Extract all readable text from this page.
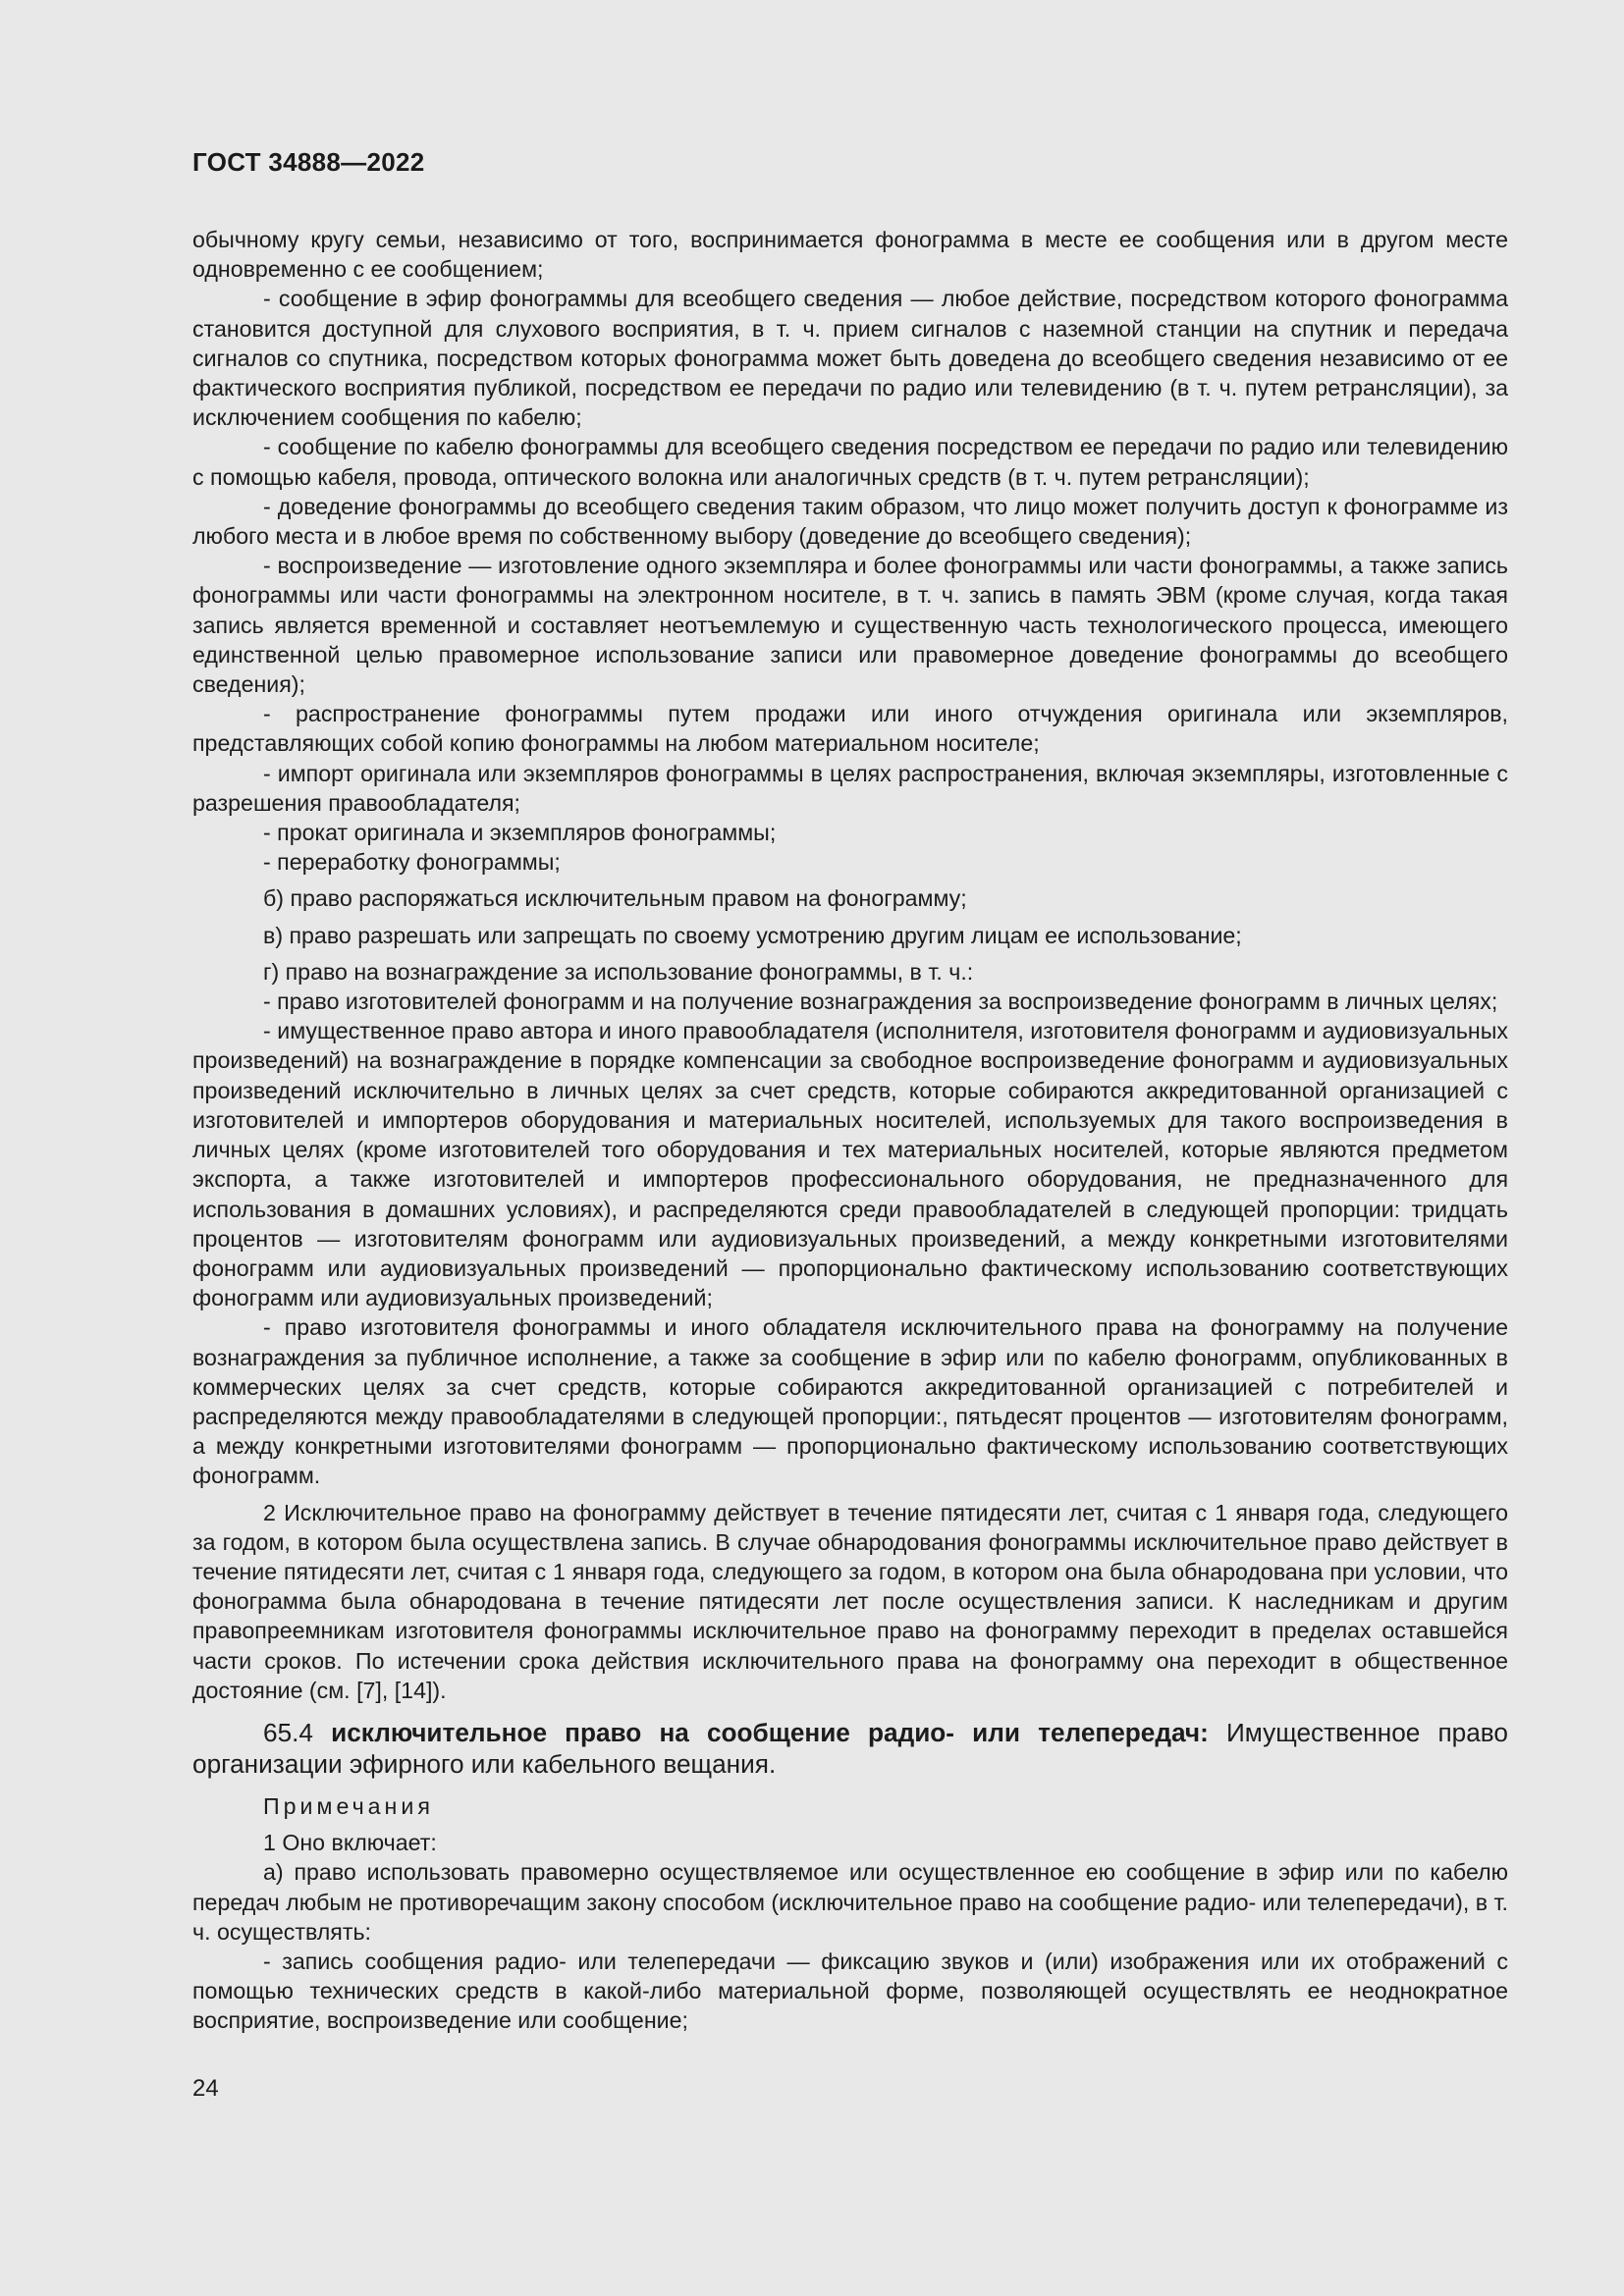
ГОСТ 34888—2022

обычному кругу семьи, независимо от того, воспринимается фонограмма в месте ее сообщения или в другом месте одновременно с ее сообщением;

- сообщение в эфир фонограммы для всеобщего сведения — любое действие, посредством которого фонограмма становится доступной для слухового восприятия, в т. ч. прием сигналов с наземной станции на спутник и передача сигналов со спутника, посредством которых фонограмма может быть доведена до всеобщего сведения независимо от ее фактического восприятия публикой, посредством ее передачи по радио или телевидению (в т. ч. путем ретрансляции), за исключением сообщения по кабелю;

- сообщение по кабелю фонограммы для всеобщего сведения посредством ее передачи по радио или телевидению с помощью кабеля, провода, оптического волокна или аналогичных средств (в т. ч. путем ретрансляции);

- доведение фонограммы до всеобщего сведения таким образом, что лицо может получить доступ к фонограмме из любого места и в любое время по собственному выбору (доведение до всеобщего сведения);

- воспроизведение — изготовление одного экземпляра и более фонограммы или части фонограммы, а также запись фонограммы или части фонограммы на электронном носителе, в т. ч. запись в память ЭВМ (кроме случая, когда такая запись является временной и составляет неотъемлемую и существенную часть технологического процесса, имеющего единственной целью правомерное использование записи или правомерное доведение фонограммы до всеобщего сведения);

- распространение фонограммы путем продажи или иного отчуждения оригинала или экземпляров, представляющих собой копию фонограммы на любом материальном носителе;

- импорт оригинала или экземпляров фонограммы в целях распространения, включая экземпляры, изготовленные с разрешения правообладателя;

- прокат оригинала и экземпляров фонограммы;

- переработку фонограммы;

б) право распоряжаться исключительным правом на фонограмму;

в) право разрешать или запрещать по своему усмотрению другим лицам ее использование;

г) право на вознаграждение за использование фонограммы, в т. ч.:

- право изготовителей фонограмм и на получение вознаграждения за воспроизведение фонограмм в личных целях;

- имущественное право автора и иного правообладателя (исполнителя, изготовителя фонограмм и аудиовизуальных произведений) на вознаграждение в порядке компенсации за свободное воспроизведение фонограмм и аудиовизуальных произведений исключительно в личных целях за счет средств, которые собираются аккредитованной организацией с изготовителей и импортеров оборудования и материальных носителей, используемых для такого воспроизведения в личных целях (кроме изготовителей того оборудования и тех материальных носителей, которые являются предметом экспорта, а также изготовителей и импортеров профессионального оборудования, не предназначенного для использования в домашних условиях), и распределяются среди правообладателей в следующей пропорции: тридцать процентов — изготовителям фонограмм или аудиовизуальных произведений, а между конкретными изготовителями фонограмм или аудиовизуальных произведений — пропорционально фактическому использованию соответствующих фонограмм или аудиовизуальных произведений;

- право изготовителя фонограммы и иного обладателя исключительного права на фонограмму на получение вознаграждения за публичное исполнение, а также за сообщение в эфир или по кабелю фонограмм, опубликованных в коммерческих целях за счет средств, которые собираются аккредитованной организацией с потребителей и распределяются между правообладателями в следующей пропорции:, пятьдесят процентов — изготовителям фонограмм, а между конкретными изготовителями фонограмм — пропорционально фактическому использованию соответствующих фонограмм.

2 Исключительное право на фонограмму действует в течение пятидесяти лет, считая с 1 января года, следующего за годом, в котором была осуществлена запись. В случае обнародования фонограммы исключительное право действует в течение пятидесяти лет, считая с 1 января года, следующего за годом, в котором она была обнародована при условии, что фонограмма была обнародована в течение пятидесяти лет после осуществления записи. К наследникам и другим правопреемникам изготовителя фонограммы исключительное право на фонограмму переходит в пределах оставшейся части сроков. По истечении срока действия исключительного права на фонограмму она переходит в общественное достояние (см. [7], [14]).

65.4 исключительное право на сообщение радио- или телепередач: Имущественное право организации эфирного или кабельного вещания.

Примечания

1 Оно включает:

а) право использовать правомерно осуществляемое или осуществленное ею сообщение в эфир или по кабелю передач любым не противоречащим закону способом (исключительное право на сообщение радио- или телепередачи), в т. ч. осуществлять:

- запись сообщения радио- или телепередачи — фиксацию звуков и (или) изображения или их отображений с помощью технических средств в какой-либо материальной форме, позволяющей осуществлять ее неоднократное восприятие, воспроизведение или сообщение;

24
